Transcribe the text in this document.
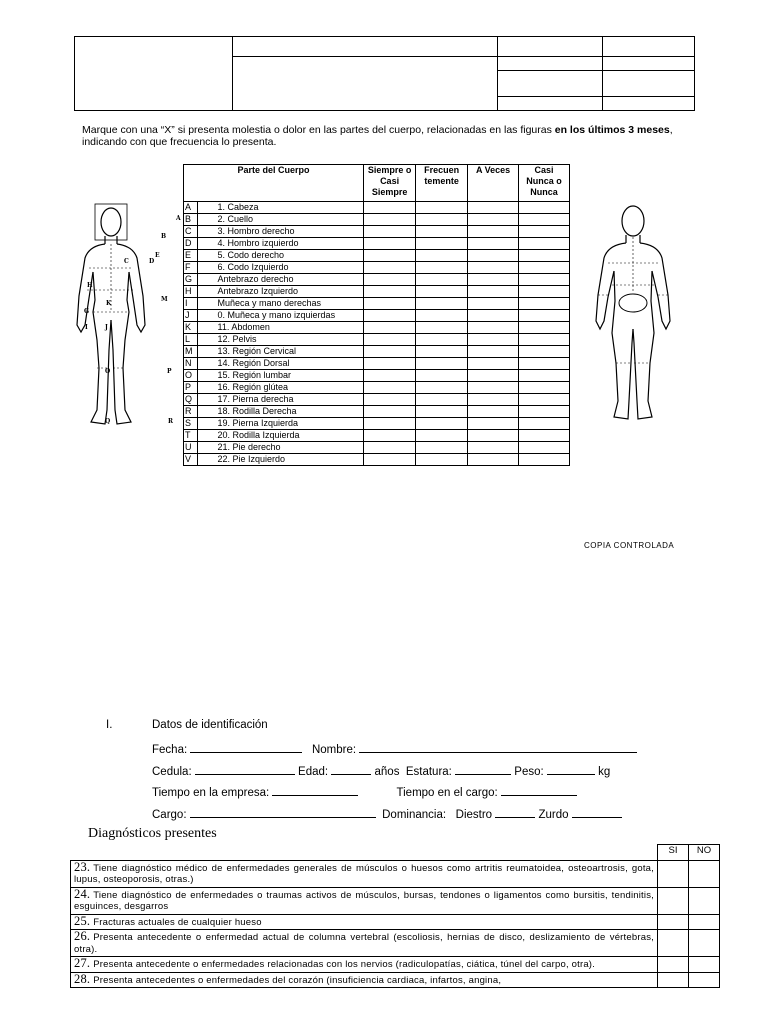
Marque con una “X” si presenta molestia o dolor en las partes del cuerpo, relacionadas en las figuras en los últimos 3 meses, indicando con que frecuencia lo presenta.
A
B
C	D
E
H
K
M
G
I	J
O	P
Q	R
Parte del Cuerpo		Siempre o Casi Siempre	Frecuen temente	A Veces	Casi Nunca o Nunca
A	1. Cabeza				
B	2. Cuello				
C	3. Hombro derecho				
D	4. Hombro izquierdo				
E	5. Codo derecho				
F	6. Codo Izquierdo				
G	Antebrazo derecho				
H	Antebrazo Izquierdo				
I	Muñeca y mano derechas				
J	0. Muñeca y mano izquierdas				
K	11. Abdomen				
L	12. Pelvis				
M	13. Región Cervical				
N	14. Región Dorsal				
O	15. Región lumbar				
P	16. Región glútea				
Q	17. Pierna derecha				
R	18. Rodilla Derecha				
S	19. Pierna Izquierda				
T	20. Rodilla Izquierda				
U	21. Pie derecho				
V	22. Pie Izquierdo				
COPIA CONTROLADA
I.	Datos de identificación
Fecha:	Nombre:
Cedula:	Edad:	años Estatura:	Peso:	kg
Tiempo en la empresa:	Tiempo en el cargo:
Cargo:	Dominancia: Diestro	Zurdo
Diagnósticos presentes
	SI	NO
23. Tiene diagnóstico médico de enfermedades generales de músculos o huesos como artritis reumatoidea, osteoartrosis, gota, lupus, osteoporosis, otras.)		
24. Tiene diagnóstico de enfermedades o traumas activos de músculos, bursas, tendones o ligamentos como bursitis, tendinitis, esguinces, desgarros		
25. Fracturas actuales de cualquier hueso		
26. Presenta antecedente o enfermedad actual de columna vertebral (escoliosis, hernias de disco, deslizamiento de vértebras, otra).		
27. Presenta antecedente o enfermedades relacionadas con los nervios (radiculopatías, ciática, túnel del carpo, otra).		
28. Presenta antecedentes o enfermedades del corazón (insuficiencia cardiaca, infartos, angina,		
